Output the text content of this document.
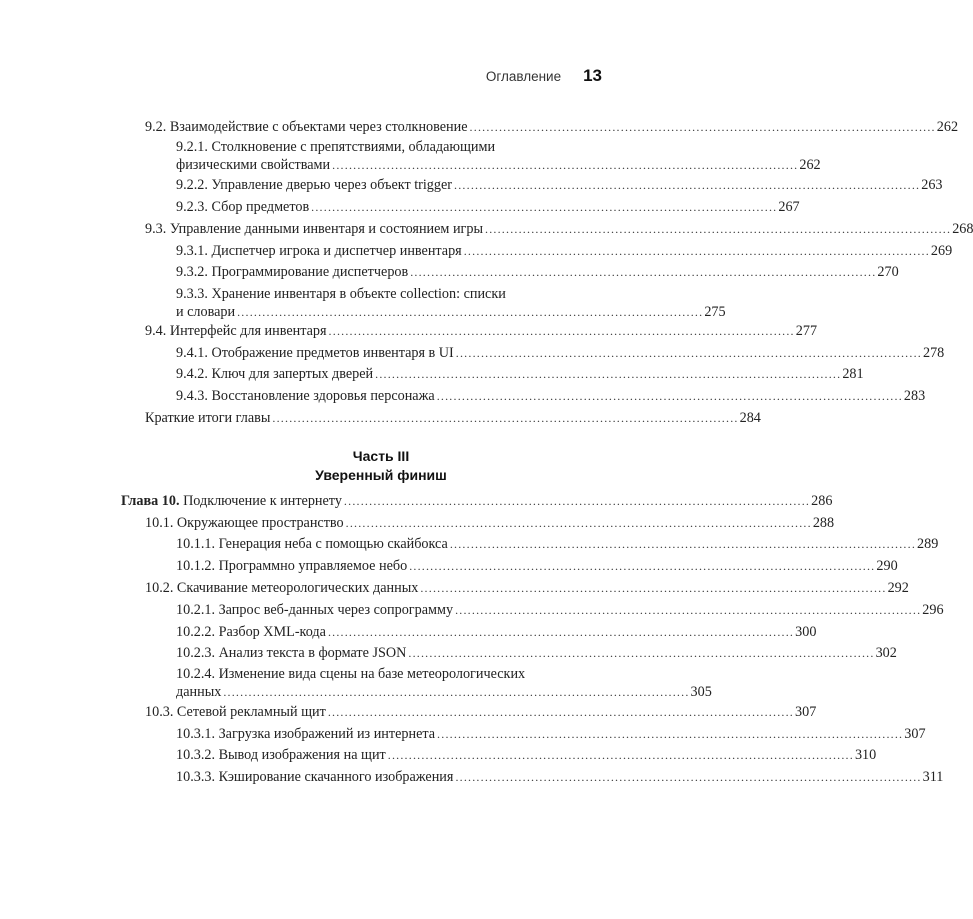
Оглавление 13
9.2. Взаимодействие с объектами через столкновение ............................................................................................................... 262
9.2.1. Столкновение с препятствиями, обладающими
физическими свойствами ............................................................................................................... 262
9.2.2. Управление дверью через объект trigger ............................................................................................................... 263
9.2.3. Сбор предметов ............................................................................................................... 267
9.3. Управление данными инвентаря и состоянием игры ............................................................................................................... 268
9.3.1. Диспетчер игрока и диспетчер инвентаря ............................................................................................................... 269
9.3.2. Программирование диспетчеров ............................................................................................................... 270
9.3.3. Хранение инвентаря в объекте collection: списки
и словари ............................................................................................................... 275
9.4. Интерфейс для инвентаря ............................................................................................................... 277
9.4.1. Отображение предметов инвентаря в UI ............................................................................................................... 278
9.4.2. Ключ для запертых дверей ............................................................................................................... 281
9.4.3. Восстановление здоровья персонажа ............................................................................................................... 283
Краткие итоги главы ............................................................................................................... 284
Часть III
Уверенный финиш
Глава 10. Подключение к интернету ............................................................................................................... 286
10.1. Окружающее пространство ............................................................................................................... 288
10.1.1. Генерация неба с помощью скайбокса ............................................................................................................... 289
10.1.2. Программно управляемое небо ............................................................................................................... 290
10.2. Скачивание метеорологических данных ............................................................................................................... 292
10.2.1. Запрос веб-данных через сопрограмму ............................................................................................................... 296
10.2.2. Разбор XML-кода ............................................................................................................... 300
10.2.3. Анализ текста в формате JSON ............................................................................................................... 302
10.2.4. Изменение вида сцены на базе метеорологических
данных ............................................................................................................... 305
10.3. Сетевой рекламный щит ............................................................................................................... 307
10.3.1. Загрузка изображений из интернета ............................................................................................................... 307
10.3.2. Вывод изображения на щит ............................................................................................................... 310
10.3.3. Кэширование скачанного изображения ............................................................................................................... 311
